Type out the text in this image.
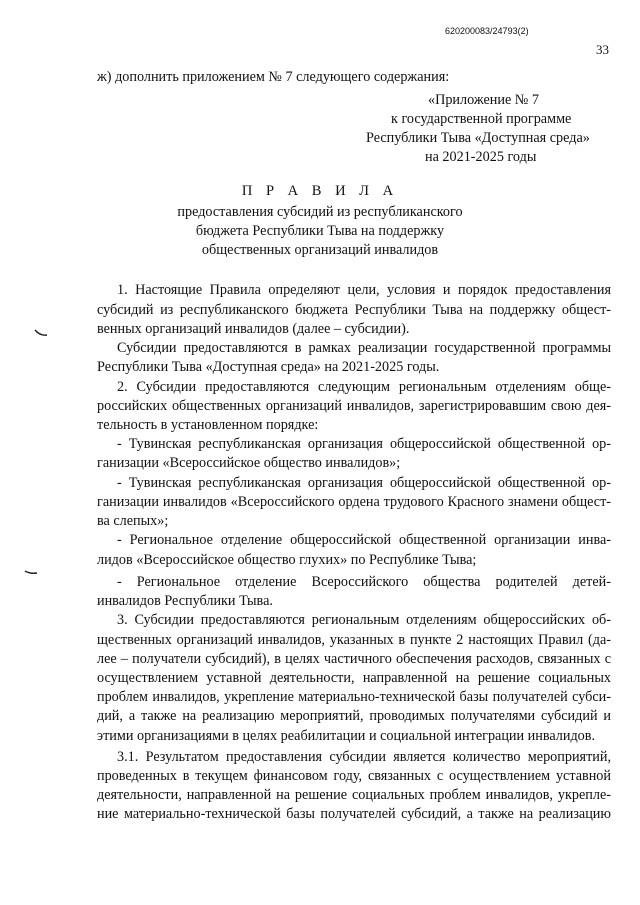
620200083/24793(2)
33
ж) дополнить приложением № 7 следующего содержания:
«Приложение № 7
к государственной программе
Республики Тыва «Доступная среда»
на 2021-2025 годы
П Р А В И Л А
предоставления субсидий из республиканского
бюджета Республики Тыва на поддержку
общественных организаций инвалидов
1. Настоящие Правила определяют цели, условия и порядок предоставления
субсидий из республиканского бюджета Республики Тыва на поддержку общест-
венных организаций инвалидов (далее – субсидии).
Субсидии предоставляются в рамках реализации государственной программы
Республики Тыва «Доступная среда» на 2021-2025 годы.
2. Субсидии предоставляются следующим региональным отделениям обще-
российских общественных организаций инвалидов, зарегистрировавшим свою дея-
тельность в установленном порядке:
- Тувинская республиканская организация общероссийской общественной ор-
ганизации «Всероссийское общество инвалидов»;
- Тувинская республиканская организация общероссийской общественной ор-
ганизации инвалидов «Всероссийского ордена трудового Красного знамени общест-
ва слепых»;
- Региональное отделение общероссийской общественной организации инва-
лидов «Всероссийское общество глухих» по Республике Тыва;
- Региональное отделение Всероссийского общества родителей детей-
инвалидов Республики Тыва.
3. Субсидии предоставляются региональным отделениям общероссийских об-
щественных организаций инвалидов, указанных в пункте 2 настоящих Правил (да-
лее – получатели субсидий), в целях частичного обеспечения расходов, связанных с
осуществлением уставной деятельности, направленной на решение социальных
проблем инвалидов, укрепление материально-технической базы получателей субси-
дий, а также на реализацию мероприятий, проводимых получателями субсидий и
этими организациями в целях реабилитации и социальной интеграции инвалидов.
3.1. Результатом предоставления субсидии является количество мероприятий,
проведенных в текущем финансовом году, связанных с осуществлением уставной
деятельности, направленной на решение социальных проблем инвалидов, укрепле-
ние материально-технической базы получателей субсидий, а также на реализацию
